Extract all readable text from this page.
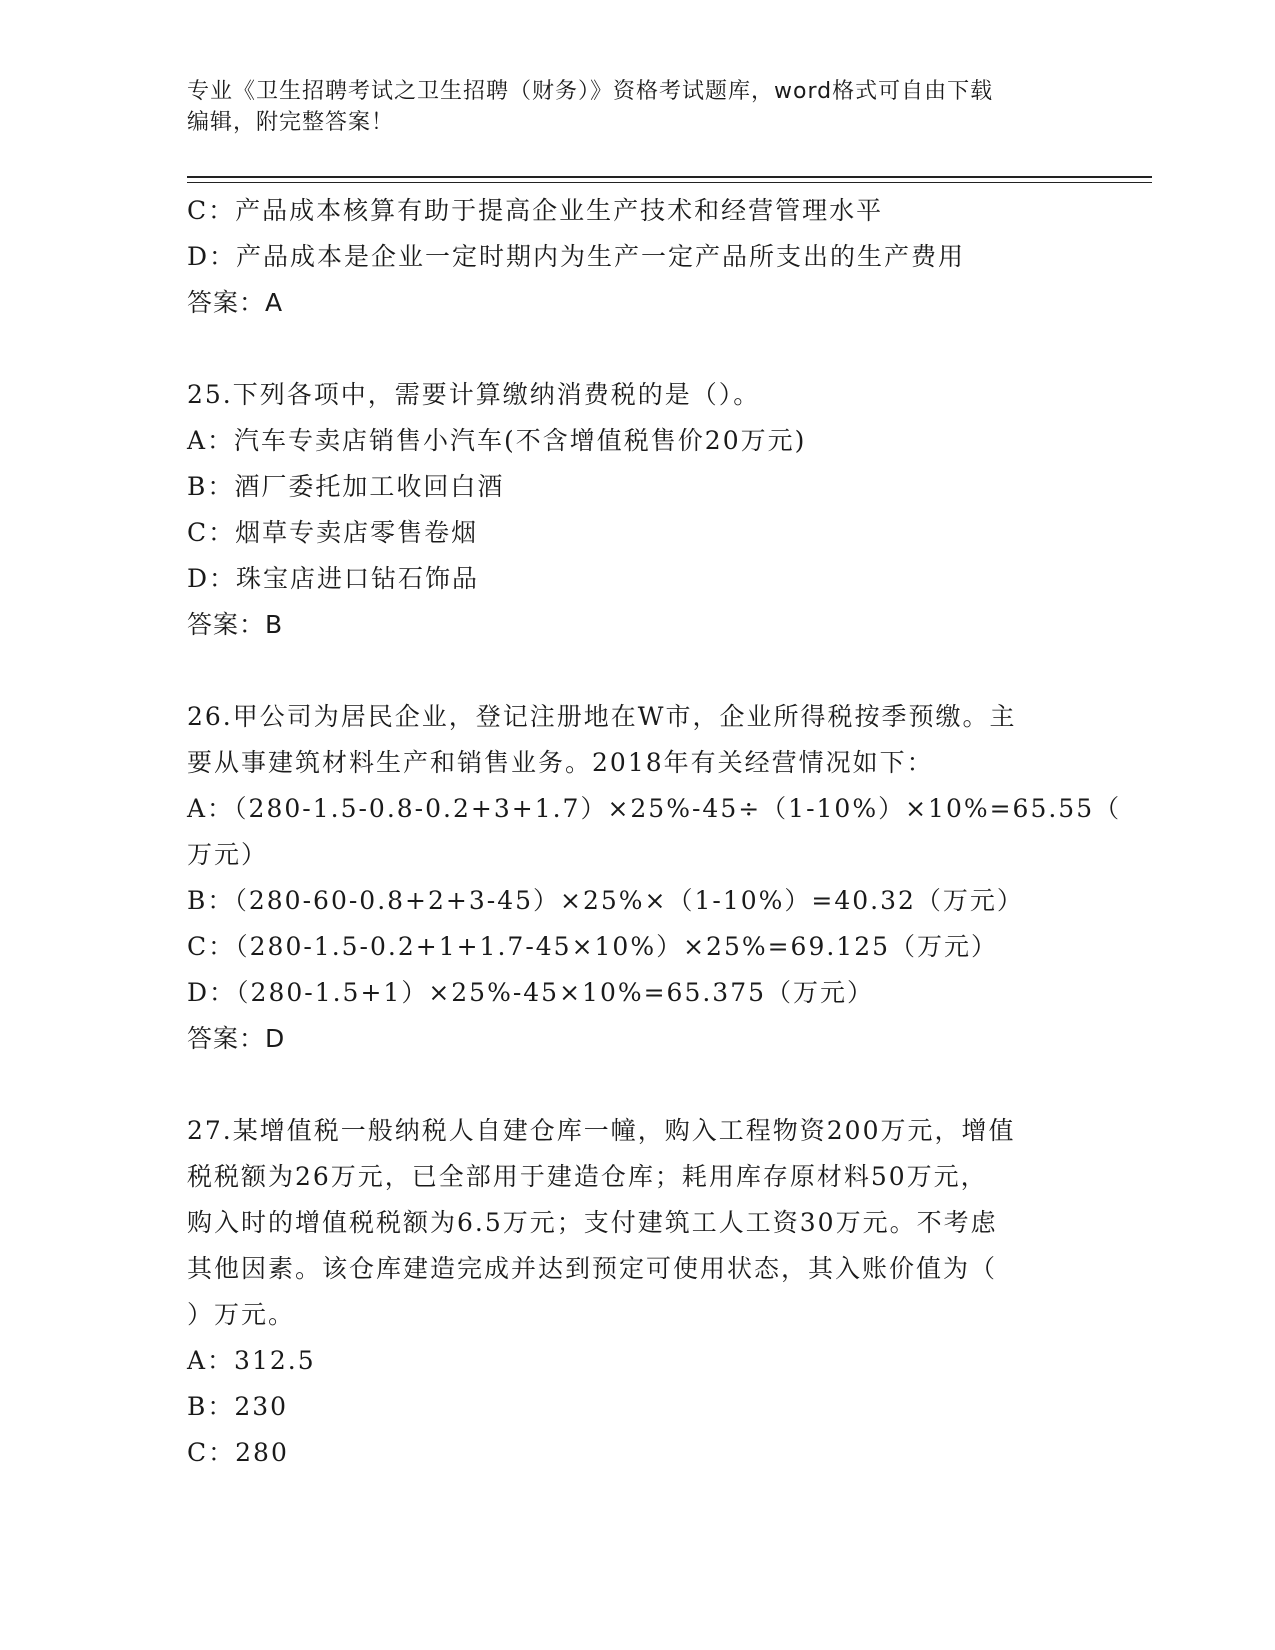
专业《卫生招聘考试之卫生招聘（财务）》资格考试题库，word格式可自由下载
编辑，附完整答案！
C：产品成本核算有助于提高企业生产技术和经营管理水平
D：产品成本是企业一定时期内为生产一定产品所支出的生产费用
答案：A
25.下列各项中，需要计算缴纳消费税的是（）。
A：汽车专卖店销售小汽车(不含增值税售价20万元)
B：酒厂委托加工收回白酒
C：烟草专卖店零售卷烟
D：珠宝店进口钻石饰品
答案：B
26.甲公司为居民企业，登记注册地在W市，企业所得税按季预缴。主
要从事建筑材料生产和销售业务。2018年有关经营情况如下：
A：（280-1.5-0.8-0.2+3+1.7）×25%-45÷（1-10%）×10%=65.55（
万元）
B：（280-60-0.8+2+3-45）×25%×（1-10%）=40.32（万元）
C：（280-1.5-0.2+1+1.7-45×10%）×25%=69.125（万元）
D：（280-1.5+1）×25%-45×10%=65.375（万元）
答案：D
27.某增值税一般纳税人自建仓库一幢，购入工程物资200万元，增值
税税额为26万元，已全部用于建造仓库；耗用库存原材料50万元，
购入时的增值税税额为6.5万元；支付建筑工人工资30万元。不考虑
其他因素。该仓库建造完成并达到预定可使用状态，其入账价值为（
）万元。
A：312.5
B：230
C：280
